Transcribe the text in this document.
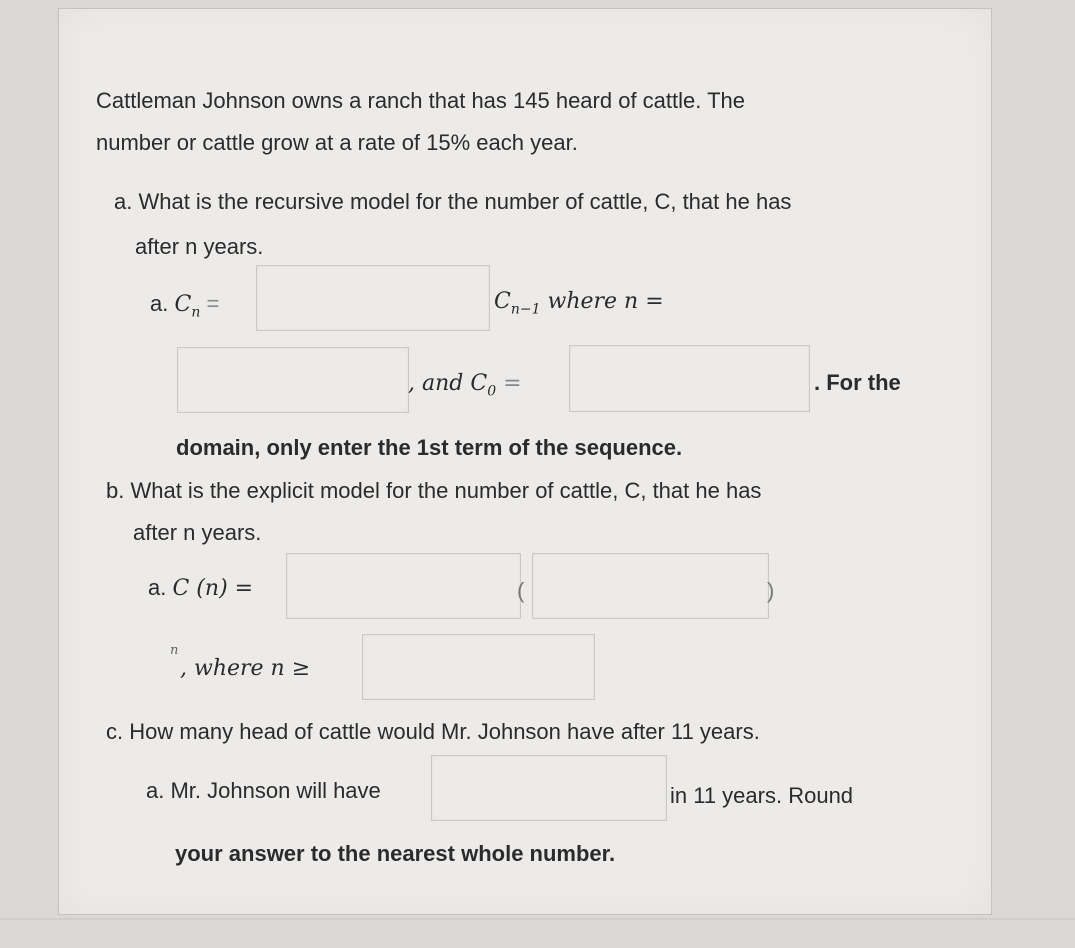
Cattleman Johnson owns a ranch that has 145 heard of cattle. The
number or cattle grow at a rate of 15% each year.
a. What is the recursive model for the number of cattle, C, that he has
after n years.
a. $C_n$ =	$C_{n-1}$ where n =
, and $C_0$ =	. For the
domain, only enter the 1st term of the sequence.
b. What is the explicit model for the number of cattle, C, that he has
after n years.
a. C (n) =	(	)
n
, where n ≥
c. How many head of cattle would Mr. Johnson have after 11 years.
a. Mr. Johnson will have	in 11 years. Round
your answer to the nearest whole number.
